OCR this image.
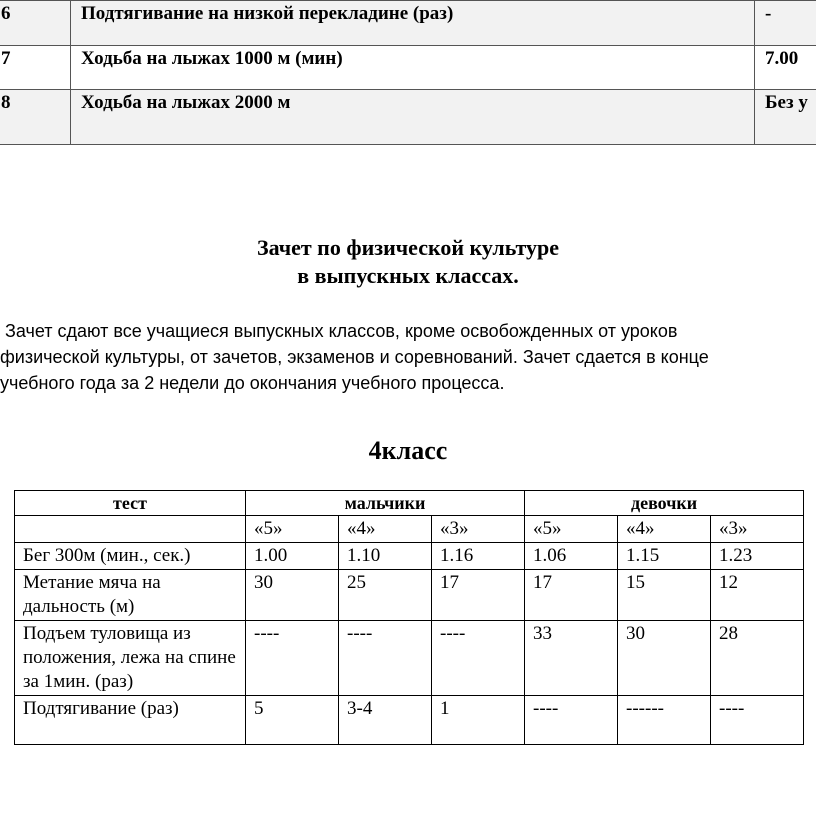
6	Подтягивание на низкой перекладине (раз)	-
7	Ходьба на лыжах 1000 м (мин)	7.00
8	Ходьба на лыжах 2000 м	Без у
Зачет по физической культуре
в выпускных классах.

Зачет сдают все учащиеся выпускных классов, кроме освобожденных от уроков
физической культуры, от зачетов, экзаменов и соревнований. Зачет сдается в конце
учебного года за 2 недели до окончания учебного процесса.

4класс
тест	мальчики			девочки		
	«5»	«4»	«3»	«5»	«4»	«3»
Бег 300м (мин., сек.)	1.00	1.10	1.16	1.06	1.15	1.23
Метание мяча на дальность (м)	30	25	17	17	15	12
Подъем туловища из положения, лежа на спине за 1мин. (раз)	----	----	----	33	30	28
Подтягивание (раз)	5	3-4	1	----	------	----
